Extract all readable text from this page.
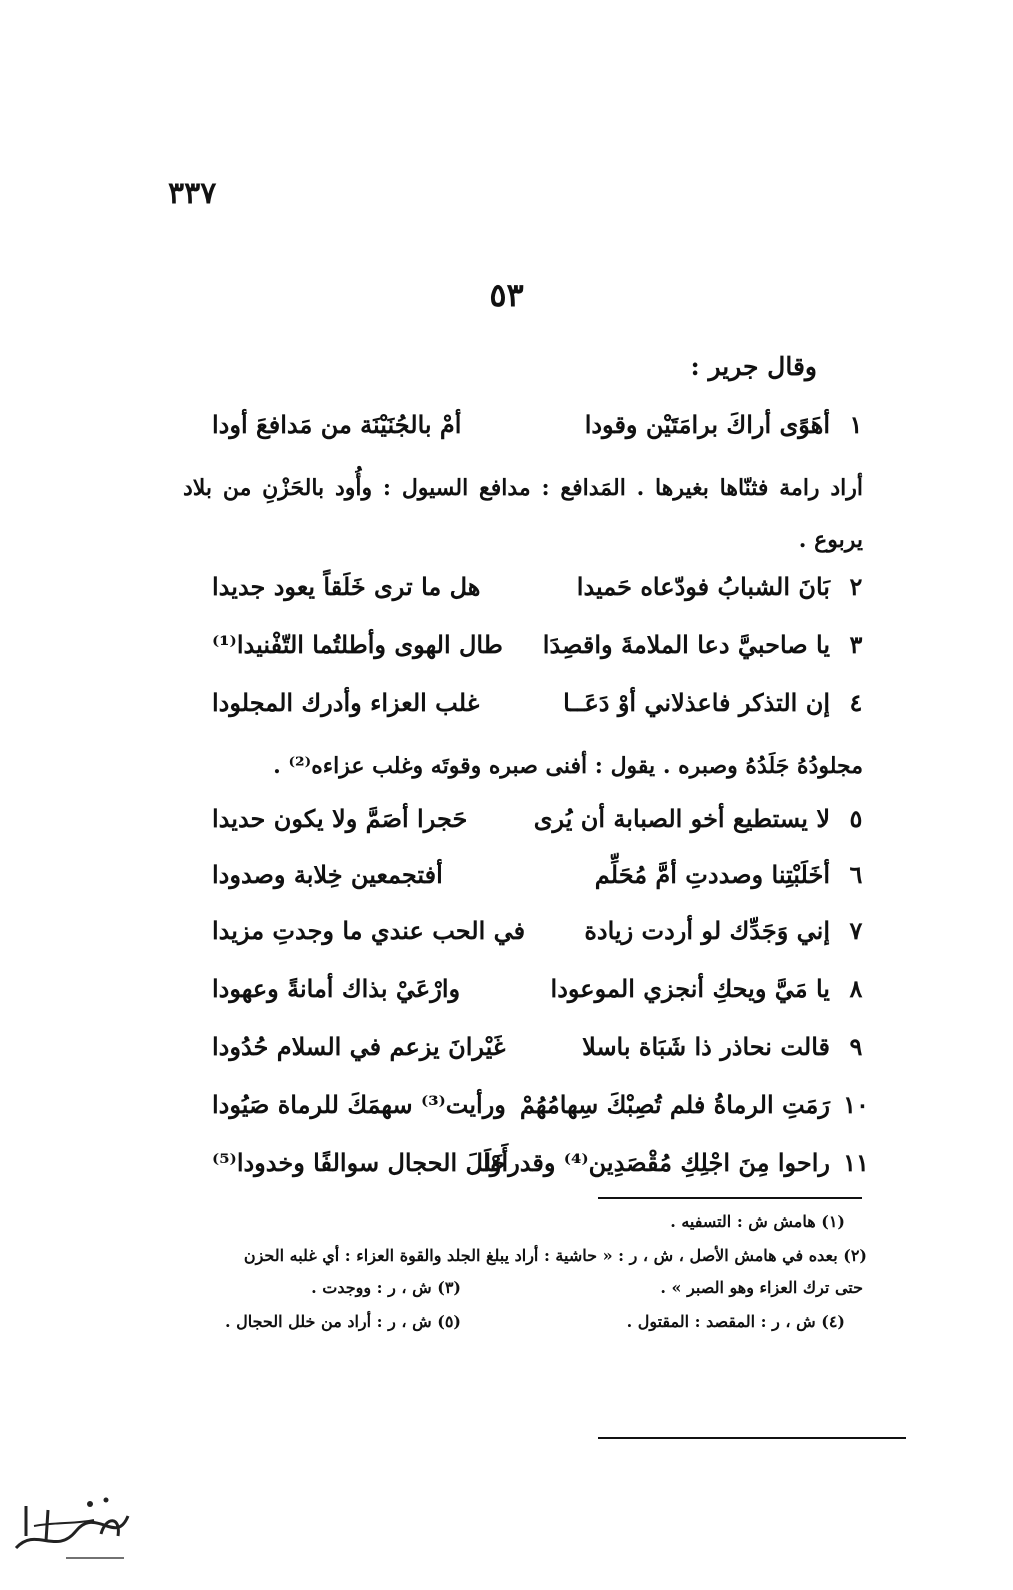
٣٣٧
٥٣
وقال جرير :
١
أهَوًى أراكَ برامَتَيْن وقودا
أمْ بالجُنَيْنَة من مَدافعَ أودا
أراد رامة فثنّاها بغيرها . المَدافع : مدافع السيول : وأُود بالحَزْنِ من بلاد يربوع .
٢
بَانَ الشبابُ فودّعاه حَميدا
هل ما ترى خَلَقاً يعود جديدا
٣
يا صاحبيَّ دعا الملامةَ واقصِدَا
طال الهوى وأطلتُما التّفْنيدا⁽¹⁾
٤
إن التذكر فاعذلاني أوْ دَعَــا
غلب العزاء وأدرك المجلودا
مجلودُهُ جَلَدُهُ وصبره . يقول : أفنى صبره وقوتَه وغلب عزاءه⁽²⁾ .
٥
لا يستطيع أخو الصبابة أن يُرى
حَجرا أصَمَّ ولا يكون حديدا
٦
أخَلَبْتِنا وصددتِ أمَّ مُحَلِّم
أفتجمعين خِلابة وصدودا
٧
إني وَجَدِّك لو أردت زيادة
في الحب عندي ما وجدتِ مزيدا
٨
يا مَيَّ ويحكِ أنجزي الموعودا
وارْعَيْ بذاك أمانةً وعهودا
٩
قالت نحاذر ذا شَبَاة باسلا
غَيْرانَ يزعم في السلام حُدُودا
١٠
رَمَتِ الرماةُ فلم تُصِبْكَ سِهامُهُمْ
ورأيت⁽³⁾ سهمَكَ للرماة صَيُودا
١١
راحوا مِنَ اجْلِكِ مُقْصَدِين⁽⁴⁾ وقدرأَوْا
خَلَلَ الحجال سوالفًا وخدودا⁽⁵⁾
(١) هامش ش : التسفيه .
(٢) بعده في هامش الأصل ، ش ، ر : « حاشية : أراد يبلغ الجلد والقوة العزاء : أي غلبه الحزن
حتى ترك العزاء وهو الصبر » .
(٣) ش ، ر : ووجدت .
(٤) ش ، ر : المقصد : المقتول .
(٥) ش ، ر : أراد من خلل الحجال .
